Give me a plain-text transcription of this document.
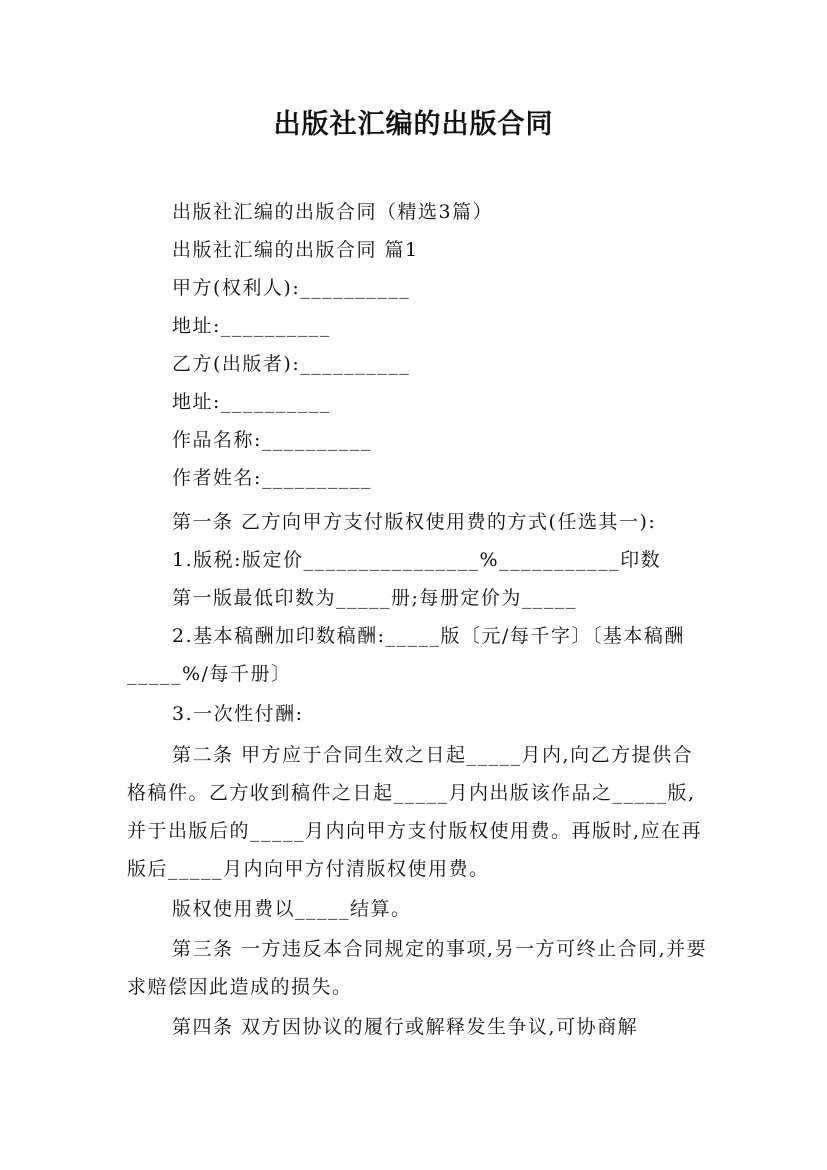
出版社汇编的出版合同
出版社汇编的出版合同（精选3篇）
出版社汇编的出版合同 篇1
甲方(权利人):__________
地址:__________
乙方(出版者):__________
地址:__________
作品名称:__________
作者姓名:__________
第一条 乙方向甲方支付版权使用费的方式(任选其一):
1.版税:版定价________________%___________印数
第一版最低印数为_____册;每册定价为_____
2.基本稿酬加印数稿酬:_____版〔元/每千字〕〔基本稿酬_____%/每千册〕
3.一次性付酬:
第二条 甲方应于合同生效之日起_____月内,向乙方提供合格稿件。乙方收到稿件之日起_____月内出版该作品之_____版,并于出版后的_____月内向甲方支付版权使用费。再版时,应在再版后_____月内向甲方付清版权使用费。
版权使用费以_____结算。
第三条 一方违反本合同规定的事项,另一方可终止合同,并要求赔偿因此造成的损失。
第四条 双方因协议的履行或解释发生争议,可协商解
